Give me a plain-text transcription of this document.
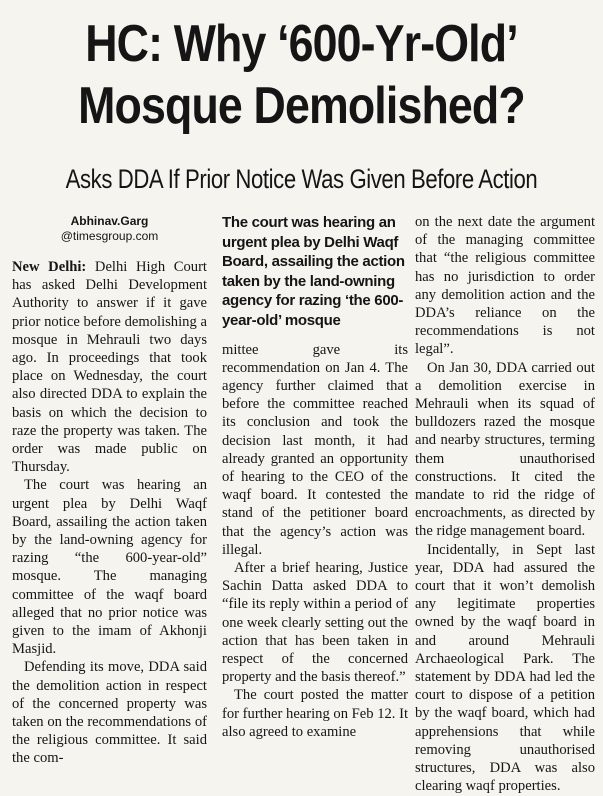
HC: Why ‘600-Yr-Old’
Mosque Demolished?
Asks DDA If Prior Notice Was Given Before Action
Abhinav.Garg
@timesgroup.com

New Delhi: Delhi High Court has asked Delhi Development Authority to answer if it gave prior notice before demolishing a mosque in Mehrauli two days ago. In proceedings that took place on Wednesday, the court also directed DDA to explain the basis on which the decision to raze the property was taken. The order was made public on Thursday.

The court was hearing an urgent plea by Delhi Waqf Board, assailing the action taken by the land-owning agency for razing “the 600-year-old” mosque. The managing committee of the waqf board alleged that no prior notice was given to the imam of Akhonji Masjid.

Defending its move, DDA said the demolition action in respect of the concerned property was taken on the recommendations of the religious committee. It said the com-

The court was hearing an urgent plea by Delhi Waqf Board, assailing the action taken by the land-owning agency for razing ‘the 600-year-old’ mosque

mittee gave its recommendation on Jan 4. The agency further claimed that before the committee reached its conclusion and took the decision last month, it had already granted an opportunity of hearing to the CEO of the waqf board. It contested the stand of the petitioner board that the agency’s action was illegal.

After a brief hearing, Justice Sachin Datta asked DDA to “file its reply within a period of one week clearly setting out the action that has been taken in respect of the concerned property and the basis thereof.”

The court posted the matter for further hearing on Feb 12. It also agreed to examine

on the next date the argument of the managing committee that “the religious committee has no jurisdiction to order any demolition action and the DDA’s reliance on the recommendations is not legal”.

On Jan 30, DDA carried out a demolition exercise in Mehrauli when its squad of bulldozers razed the mosque and nearby structures, terming them unauthorised constructions. It cited the mandate to rid the ridge of encroachments, as directed by the ridge management board.

Incidentally, in Sept last year, DDA had assured the court that it won’t demolish any legitimate properties owned by the waqf board in and around Mehrauli Archaeological Park. The statement by DDA had led the court to dispose of a petition by the waqf board, which had apprehensions that while removing unauthorised structures, DDA was also clearing waqf properties.
